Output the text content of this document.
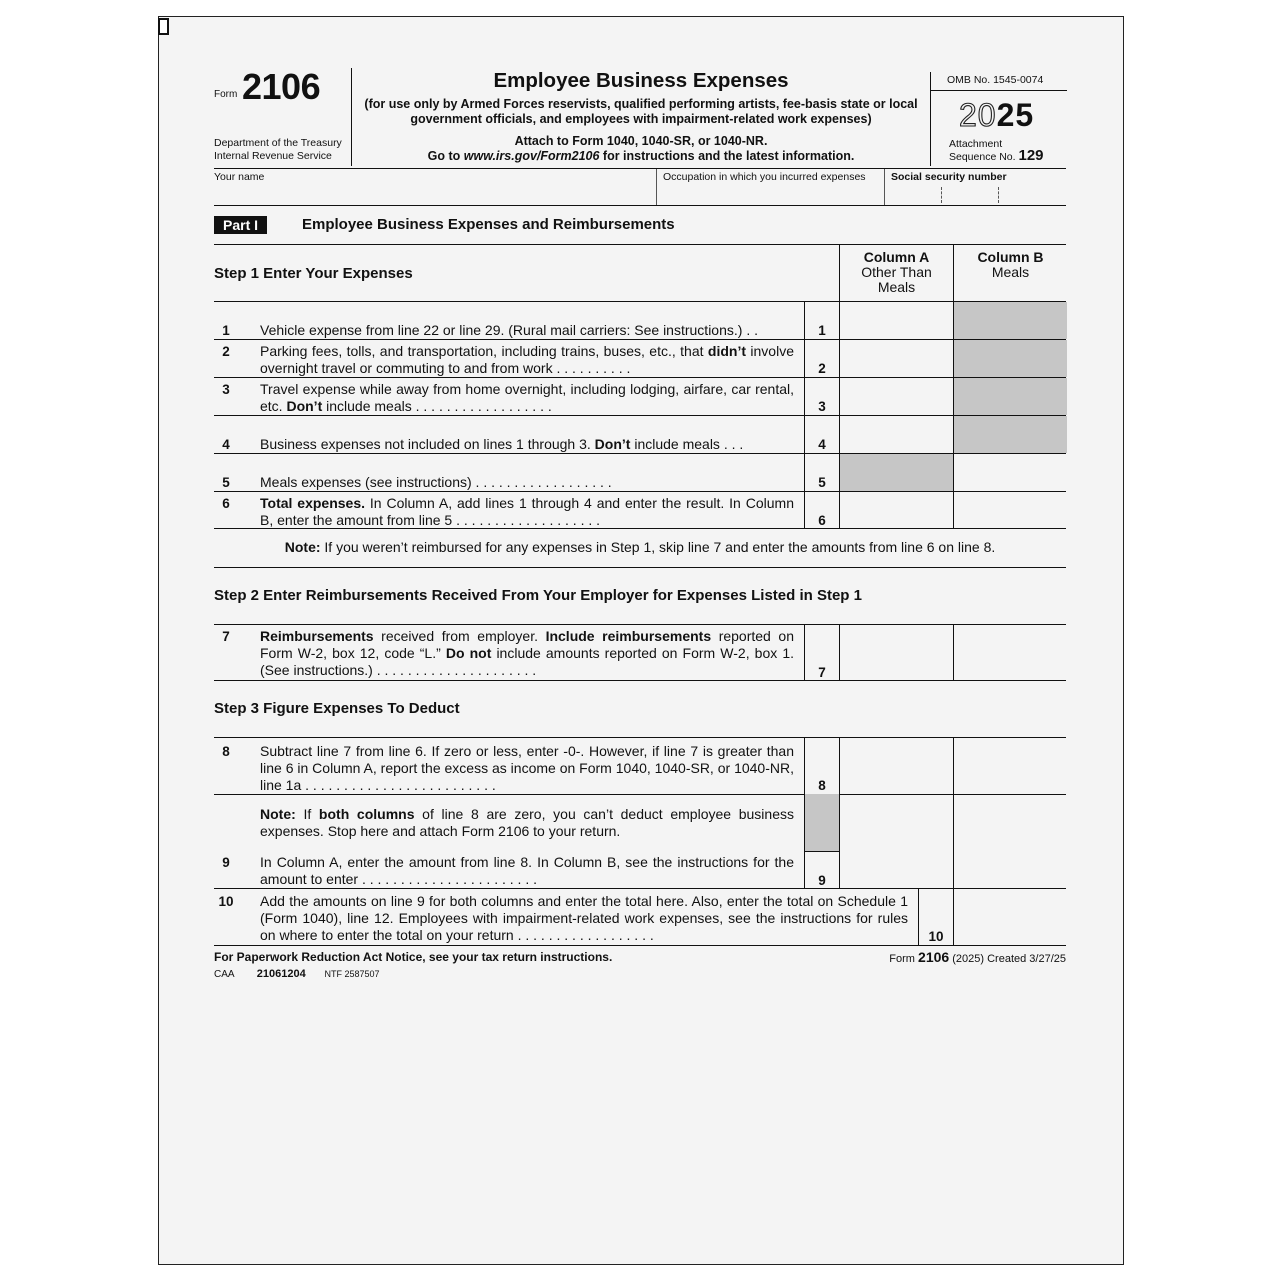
Form 2106
Department of the Treasury
Internal Revenue Service
Employee Business Expenses
(for use only by Armed Forces reservists, qualified performing artists, fee-basis state or local government officials, and employees with impairment-related work expenses)
Attach to Form 1040, 1040-SR, or 1040-NR.
Go to www.irs.gov/Form2106 for instructions and the latest information.
OMB No. 1545-0074
2025
Attachment
Sequence No. 129
Your name	Occupation in which you incurred expenses	Social security number
Part I	Employee Business Expenses and Reimbursements
Step 1 Enter Your Expenses
Column A
Other Than
Meals
Column B
Meals
1	Vehicle expense from line 22 or line 29. (Rural mail carriers: See instructions.) . .	1
2	Parking fees, tolls, and transportation, including trains, buses, etc., that didn’t involve overnight travel or commuting to and from work . . . . . . . . . .	2
3	Travel expense while away from home overnight, including lodging, airfare, car rental, etc. Don’t include meals . . . . . . . . . . . . . . . . . .	3
4	Business expenses not included on lines 1 through 3. Don’t include meals . . .	4
5	Meals expenses (see instructions) . . . . . . . . . . . . . . . . . .	5
6	Total expenses. In Column A, add lines 1 through 4 and enter the result. In Column B, enter the amount from line 5 . . . . . . . . . . . . . . . . . . .	6
Note: If you weren’t reimbursed for any expenses in Step 1, skip line 7 and enter the amounts from line 6 on line 8.
Step 2 Enter Reimbursements Received From Your Employer for Expenses Listed in Step 1
7	Reimbursements received from employer. Include reimbursements reported on Form W-2, box 12, code “L.” Do not include amounts reported on Form W-2, box 1. (See instructions.) . . . . . . . . . . . . . . . . . . . . .	7
Step 3 Figure Expenses To Deduct
8	Subtract line 7 from line 6. If zero or less, enter -0-. However, if line 7 is greater than line 6 in Column A, report the excess as income on Form 1040, 1040-SR, or 1040-NR, line 1a . . . . . . . . . . . . . . . . . . . . . . . . .	8
Note: If both columns of line 8 are zero, you can’t deduct employee business expenses. Stop here and attach Form 2106 to your return.
9	In Column A, enter the amount from line 8. In Column B, see the instructions for the amount to enter . . . . . . . . . . . . . . . . . . . . . . .	9
10	Add the amounts on line 9 for both columns and enter the total here. Also, enter the total on Schedule 1 (Form 1040), line 12. Employees with impairment-related work expenses, see the instructions for rules on where to enter the total on your return . . . . . . . . . . . . . . . . . .	10
For Paperwork Reduction Act Notice, see your tax return instructions.	Form 2106 (2025) Created 3/27/25
CAA 21061204 NTF 2587507
